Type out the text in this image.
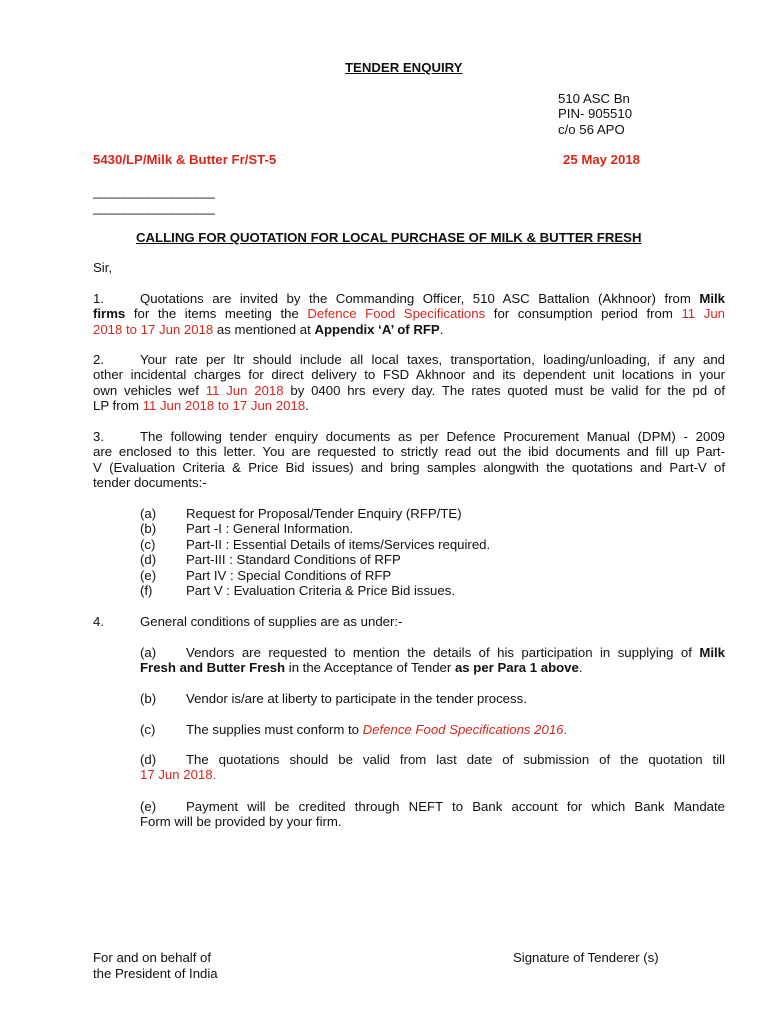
TENDER ENQUIRY
510 ASC Bn
PIN- 905510
c/o 56 APO
5430/LP/Milk & Butter Fr/ST-5	25 May 2018
____________________
____________________
CALLING FOR QUOTATION FOR LOCAL PURCHASE OF MILK & BUTTER FRESH
Sir,
1.	Quotations are invited by the Commanding Officer, 510 ASC Battalion (Akhnoor) from Milk
firms for the items meeting the Defence Food Specifications for consumption period from 11 Jun
2018 to 17 Jun 2018 as mentioned at Appendix ‘A’ of RFP.
2.	Your rate per ltr should include all local taxes, transportation, loading/unloading, if any and
other incidental charges for direct delivery to FSD Akhnoor and its dependent unit locations in your
own vehicles wef 11 Jun 2018 by 0400 hrs every day. The rates quoted must be valid for the pd of
LP from 11 Jun 2018 to 17 Jun 2018.
3.	The following tender enquiry documents as per Defence Procurement Manual (DPM) - 2009
are enclosed to this letter. You are requested to strictly read out the ibid documents and fill up Part-
V (Evaluation Criteria & Price Bid issues) and bring samples alongwith the quotations and Part-V of
tender documents:-
(a) Request for Proposal/Tender Enquiry (RFP/TE)
(b) Part -I : General Information.
(c) Part-II : Essential Details of items/Services required.
(d) Part-III : Standard Conditions of RFP
(e) Part IV : Special Conditions of RFP
(f)	Part V : Evaluation Criteria & Price Bid issues.
4.	General conditions of supplies are as under:-
(a) Vendors are requested to mention the details of his participation in supplying of Milk
Fresh and Butter Fresh in the Acceptance of Tender as per Para 1 above.
(b) Vendor is/are at liberty to participate in the tender process.
(c) The supplies must conform to Defence Food Specifications 2016.
(d) The quotations should be valid from last date of submission of the quotation till
17 Jun 2018.
(e) Payment will be credited through NEFT to Bank account for which Bank Mandate
Form will be provided by your firm.
For and on behalf of
the President of India
Signature of Tenderer (s)
